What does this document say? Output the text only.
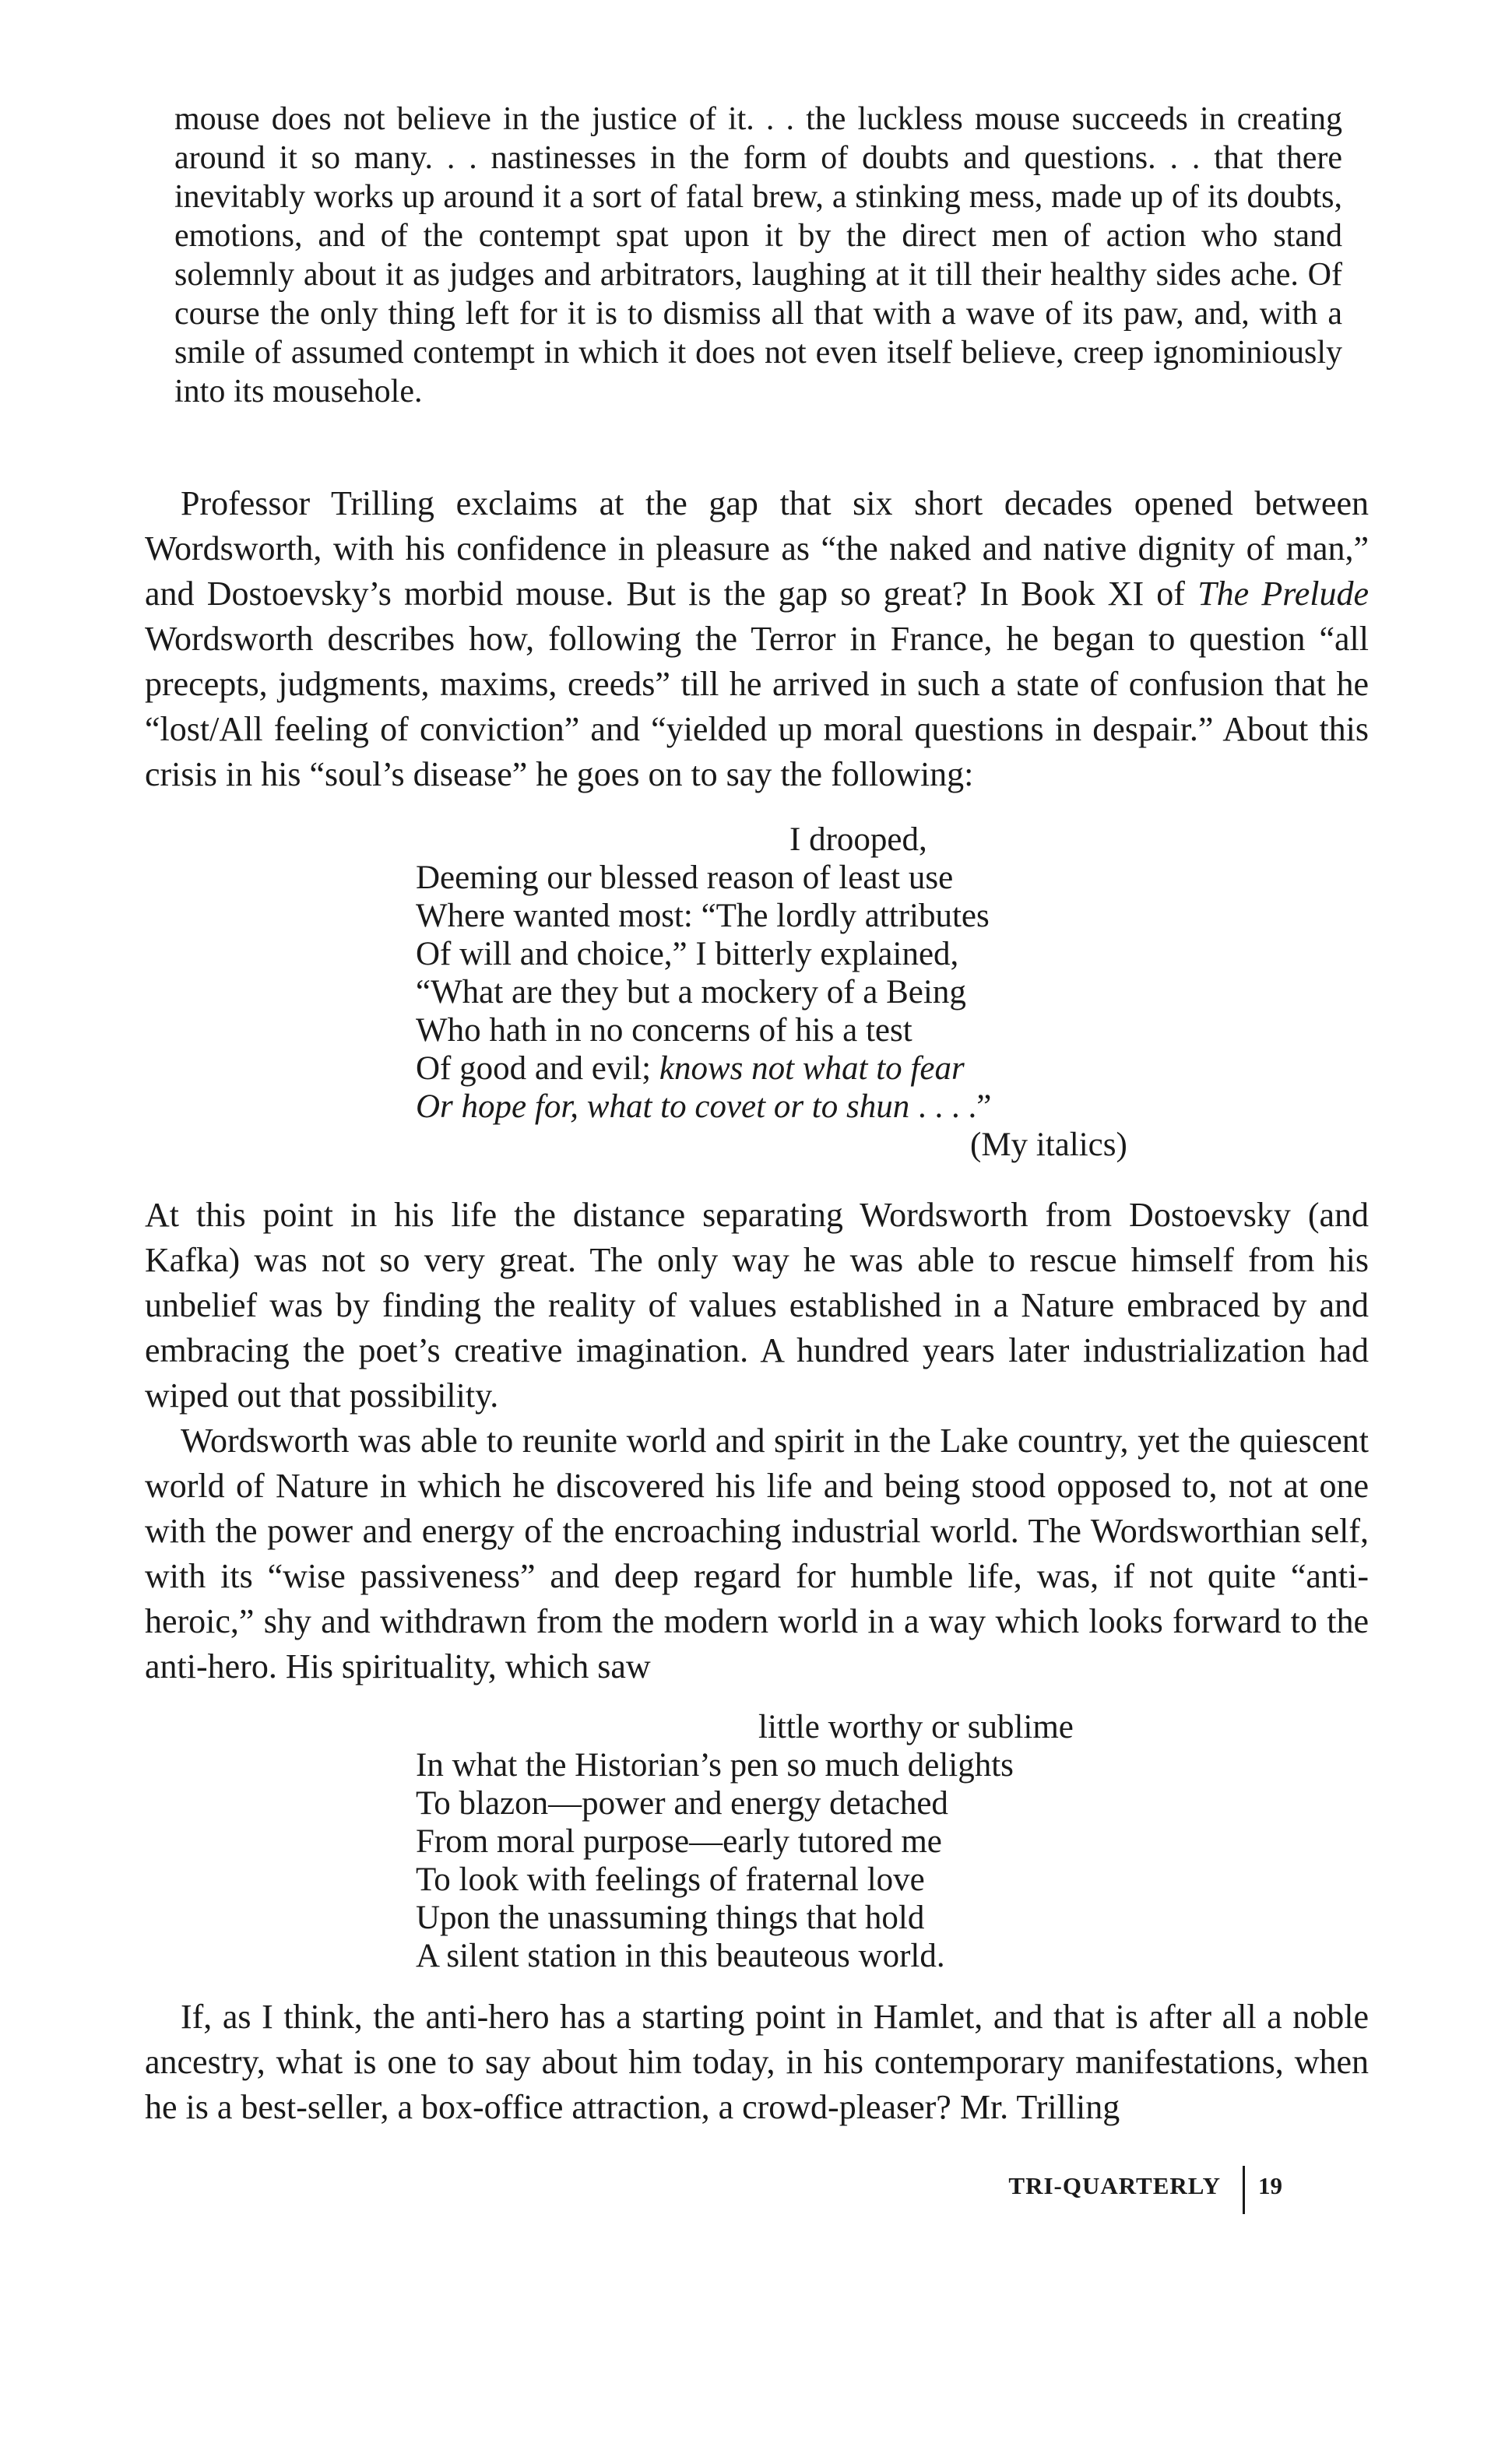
mouse does not believe in the justice of it. . . the luckless mouse succeeds in creating around it so many. . . nastinesses in the form of doubts and questions. . . that there inevitably works up around it a sort of fatal brew, a stinking mess, made up of its doubts, emotions, and of the contempt spat upon it by the direct men of action who stand solemnly about it as judges and arbitrators, laughing at it till their healthy sides ache. Of course the only thing left for it is to dismiss all that with a wave of its paw, and, with a smile of assumed contempt in which it does not even itself believe, creep ignominiously into its mousehole.

Professor Trilling exclaims at the gap that six short decades opened between Wordsworth, with his confidence in pleasure as “the naked and native dignity of man,” and Dostoevsky’s morbid mouse. But is the gap so great? In Book XI of The Prelude Wordsworth describes how, following the Terror in France, he began to question “all precepts, judgments, maxims, creeds” till he arrived in such a state of confusion that he “lost/All feeling of conviction” and “yielded up moral questions in despair.” About this crisis in his “soul’s disease” he goes on to say the following:

I drooped,
Deeming our blessed reason of least use
Where wanted most: “The lordly attributes
Of will and choice,” I bitterly explained,
“What are they but a mockery of a Being
Who hath in no concerns of his a test
Of good and evil; knows not what to fear
Or hope for, what to covet or to shun . . . .”
(My italics)

At this point in his life the distance separating Wordsworth from Dostoevsky (and Kafka) was not so very great. The only way he was able to rescue himself from his unbelief was by finding the reality of values established in a Nature embraced by and embracing the poet’s creative imagination. A hundred years later industrialization had wiped out that possibility.

Wordsworth was able to reunite world and spirit in the Lake country, yet the quiescent world of Nature in which he discovered his life and being stood opposed to, not at one with the power and energy of the encroaching industrial world. The Wordsworthian self, with its “wise passiveness” and deep regard for humble life, was, if not quite “anti-heroic,” shy and withdrawn from the modern world in a way which looks forward to the anti-hero. His spirituality, which saw

little worthy or sublime
In what the Historian’s pen so much delights
To blazon—power and energy detached
From moral purpose—early tutored me
To look with feelings of fraternal love
Upon the unassuming things that hold
A silent station in this beauteous world.

If, as I think, the anti-hero has a starting point in Hamlet, and that is after all a noble ancestry, what is one to say about him today, in his contemporary manifestations, when he is a best-seller, a box-office attraction, a crowd-pleaser? Mr. Trilling

TRI-QUARTERLY 19
